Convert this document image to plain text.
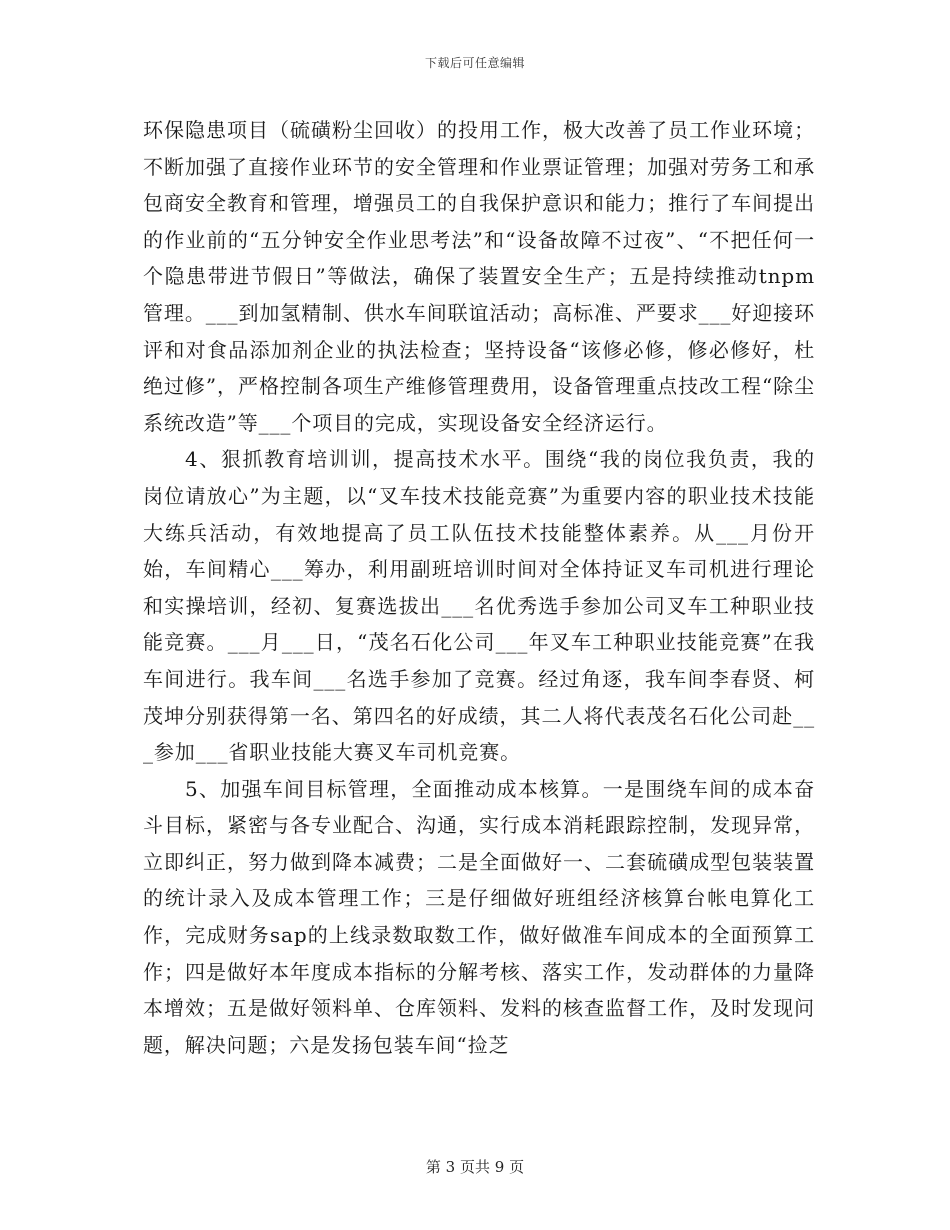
下载后可任意编辑

环保隐患项目（硫磺粉尘回收）的投用工作，极大改善了员工作业环境；不断加强了直接作业环节的安全管理和作业票证管理；加强对劳务工和承包商安全教育和管理，增强员工的自我保护意识和能力；推行了车间提出的作业前的“五分钟安全作业思考法”和“设备故障不过夜”、“不把任何一个隐患带进节假日”等做法，确保了装置安全生产；五是持续推动tnpm管理。___到加氢精制、供水车间联谊活动；高标准、严要求___好迎接环评和对食品添加剂企业的执法检查；坚持设备“该修必修，修必修好，杜绝过修”，严格控制各项生产维修管理费用，设备管理重点技改工程“除尘系统改造”等___个项目的完成，实现设备安全经济运行。

4、狠抓教育培训训，提高技术水平。围绕“我的岗位我负责，我的岗位请放心”为主题，以“叉车技术技能竞赛”为重要内容的职业技术技能大练兵活动，有效地提高了员工队伍技术技能整体素养。从___月份开始，车间精心___筹办，利用副班培训时间对全体持证叉车司机进行理论和实操培训，经初、复赛选拔出___名优秀选手参加公司叉车工种职业技能竞赛。___月___日，“茂名石化公司___年叉车工种职业技能竞赛”在我车间进行。我车间___名选手参加了竞赛。经过角逐，我车间李春贤、柯茂坤分别获得第一名、第四名的好成绩，其二人将代表茂名石化公司赴___参加___省职业技能大赛叉车司机竞赛。

5、加强车间目标管理，全面推动成本核算。一是围绕车间的成本奋斗目标，紧密与各专业配合、沟通，实行成本消耗跟踪控制，发现异常，立即纠正，努力做到降本减费；二是全面做好一、二套硫磺成型包装装置的统计录入及成本管理工作；三是仔细做好班组经济核算台帐电算化工作，完成财务sap的上线录数取数工作，做好做准车间成本的全面预算工作；四是做好本年度成本指标的分解考核、落实工作，发动群体的力量降本增效；五是做好领料单、仓库领料、发料的核查监督工作，及时发现问题，解决问题；六是发扬包装车间“捡芝

第 3 页共 9 页
